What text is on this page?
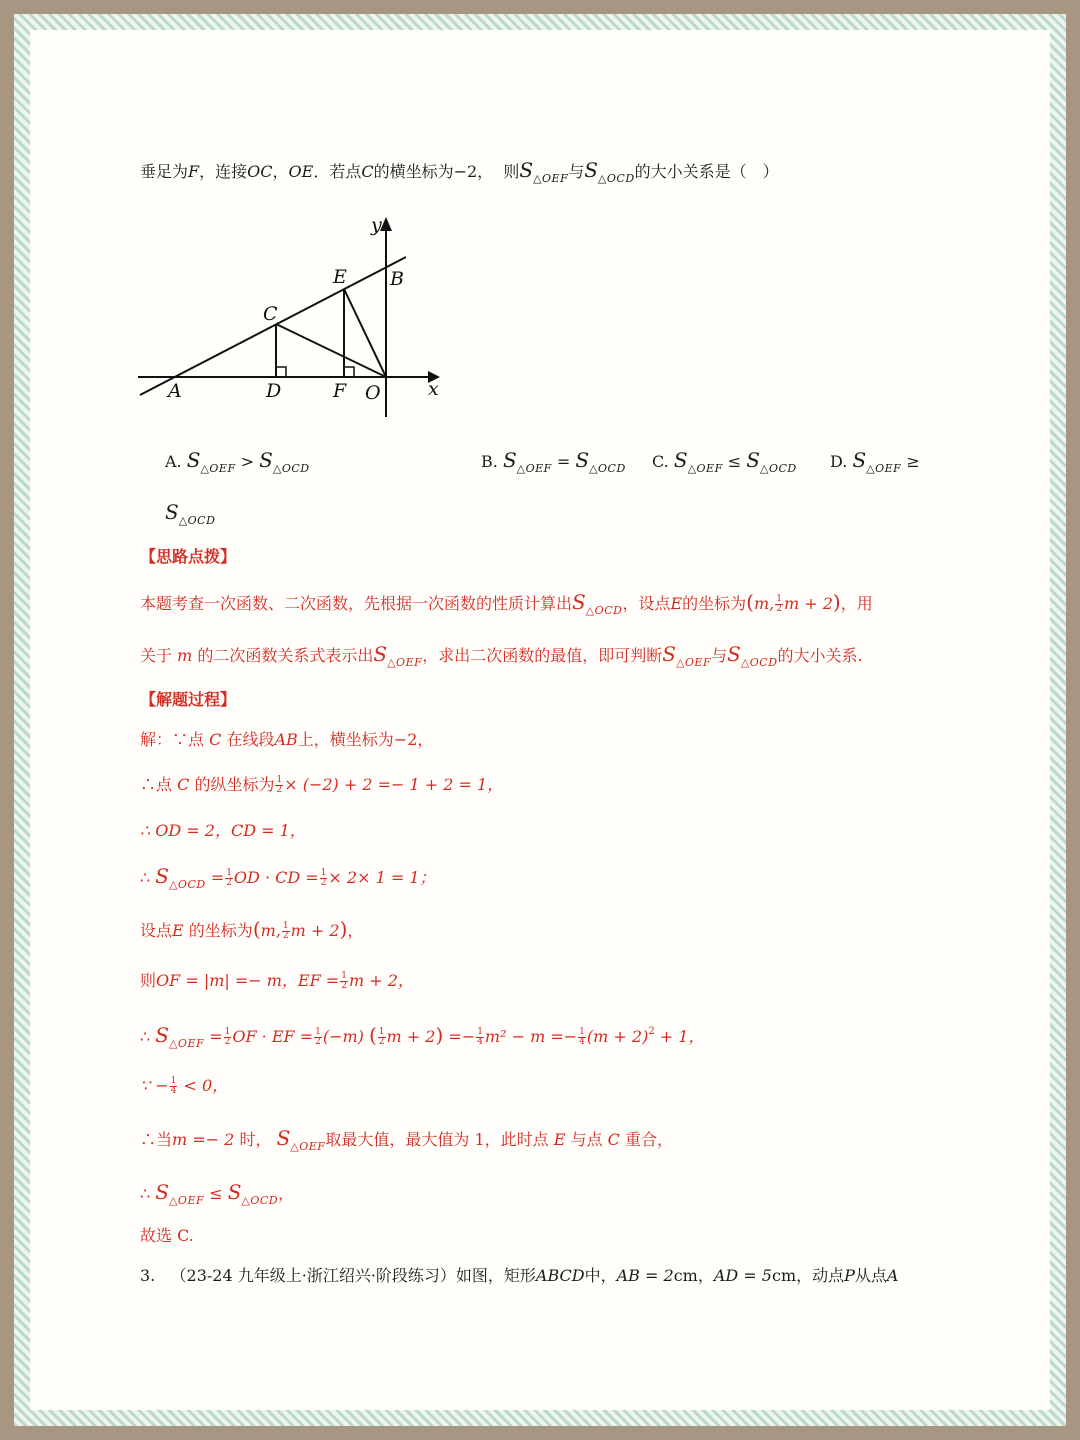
垂足为F，连接OC，OE．若点C的横坐标为−2， 则$S_{\triangle OEF}$与$S_{\triangle OCD}$的大小关系是（　）
y
x
A
B
C
D
E
F O
A. $S_{\triangle OEF} > S_{\triangle OCD}$	B. $S_{\triangle OEF} = S_{\triangle OCD}$ C. $S_{\triangle OEF} \le S_{\triangle OCD}$ D. $S_{\triangle OEF}$ ≥
$S_{\triangle OCD}$
【思路点拨】
本题考查一次函数、二次函数，先根据一次函数的性质计算出$S_{\triangle OCD}$，设点E的坐标为(m, $\frac{1}{2}$ m + 2)，用
关于 m 的二次函数关系式表示出$S_{\triangle OEF}$，求出二次函数的最值，即可判断$S_{\triangle OEF}$与$S_{\triangle OCD}$的大小关系.
【解题过程】
解：∵点 C 在线段AB上，横坐标为−2，
∴点 C 的纵坐标为 $\frac{1}{2} \times (-2) + 2 =- 1 + 2 = 1$，
∴ OD = 2，CD = 1，
∴ $S_{\triangle OCD} = \frac{1}{2}$ OD · CD = $\frac{1}{2} \times 2\times 1 = 1$；
设点E 的坐标为(m, $\frac{1}{2}$ m + 2)，
则OF = |m| =− m，EF = $\frac{1}{2}$ m + 2，
∴ $S_{\triangle OEF} = \frac{1}{2}$ OF · EF = $\frac{1}{2} (-m)$ ( $\frac{1}{2}$ $m + 2) =- \frac{1}{4} m^2 - m =- \frac{1}{4} (m + 2)^2 + 1$，
∵ − $\frac{1}{4} < 0$，
∴当m =− 2 时， $S_{\triangle OEF}$取最大值，最大值为 1，此时点 E 与点 C 重合，
∴ $S_{\triangle OEF} \le S_{\triangle OCD}$，
故选 C.
3. （23-24 九年级上·浙江绍兴·阶段练习）如图，矩形ABCD中，AB = 2cm，AD = 5cm，动点P从点A
